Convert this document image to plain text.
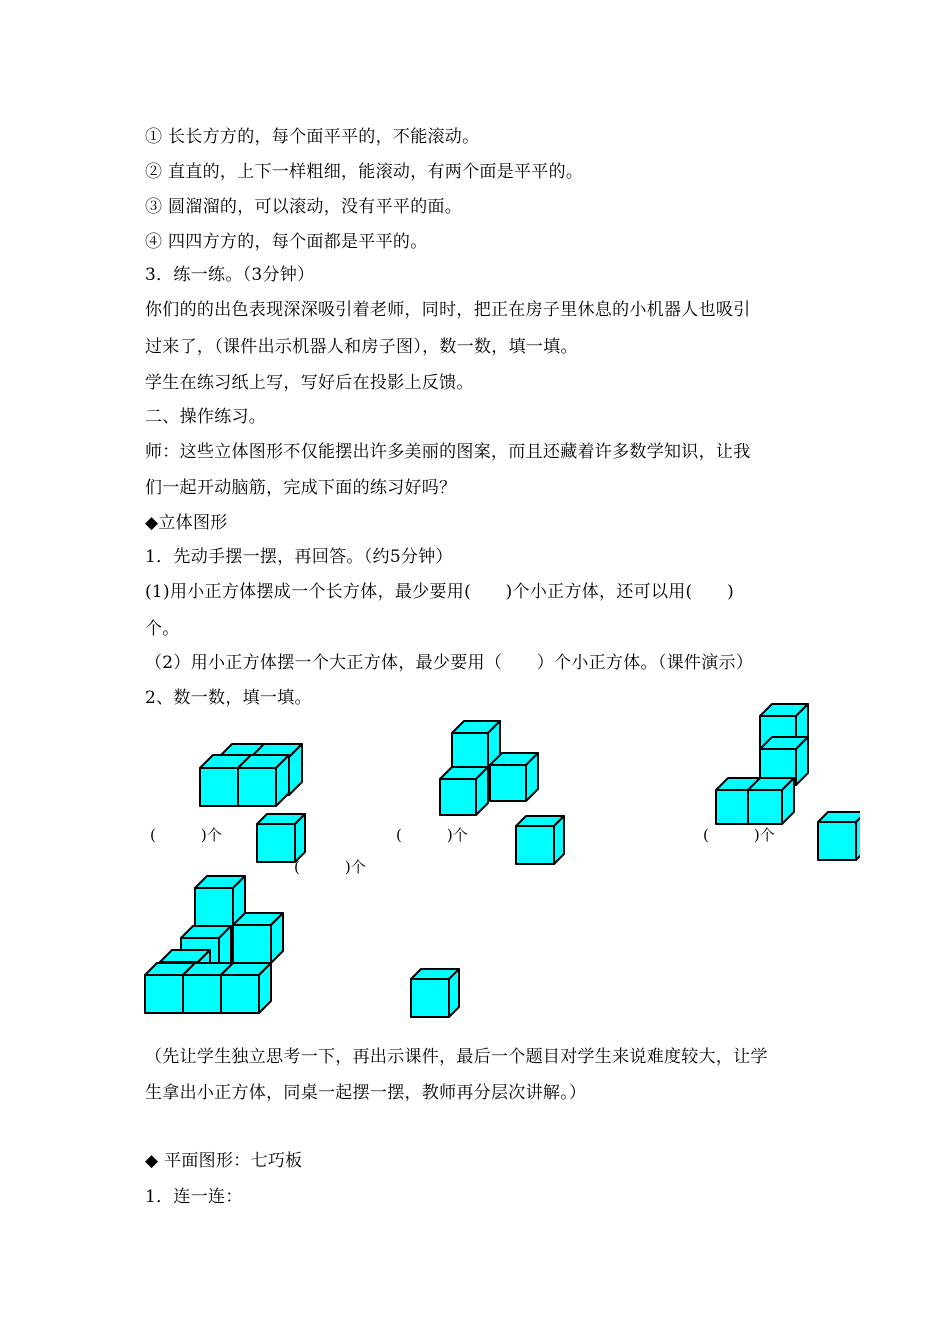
① 长长方方的，每个面平平的，不能滚动。
② 直直的，上下一样粗细，能滚动，有两个面是平平的。
③ 圆溜溜的，可以滚动，没有平平的面。
④ 四四方方的，每个面都是平平的。
3．练一练。（3分钟）
你们的的出色表现深深吸引着老师，同时，把正在房子里休息的小机器人也吸引
过来了，（课件出示机器人和房子图），数一数，填一填。
学生在练习纸上写，写好后在投影上反馈。
二、操作练习。
师：这些立体图形不仅能摆出许多美丽的图案，而且还藏着许多数学知识，让我
们一起开动脑筋，完成下面的练习好吗？
◆立体图形
1．先动手摆一摆，再回答。（约5分钟）
(1)用小正方体摆成一个长方体，最少要用(　　)个小正方体，还可以用(　　)
个。
（2）用小正方体摆一个大正方体，最少要用（　　）个小正方体。（课件演示）
2、数一数，填一填。
(　　　)个	(　　　)个	(　　　)个
(　　　)个
（先让学生独立思考一下，再出示课件，最后一个题目对学生来说难度较大，让学
生拿出小正方体，同桌一起摆一摆，教师再分层次讲解。）
◆ 平面图形：七巧板
1．连一连：
